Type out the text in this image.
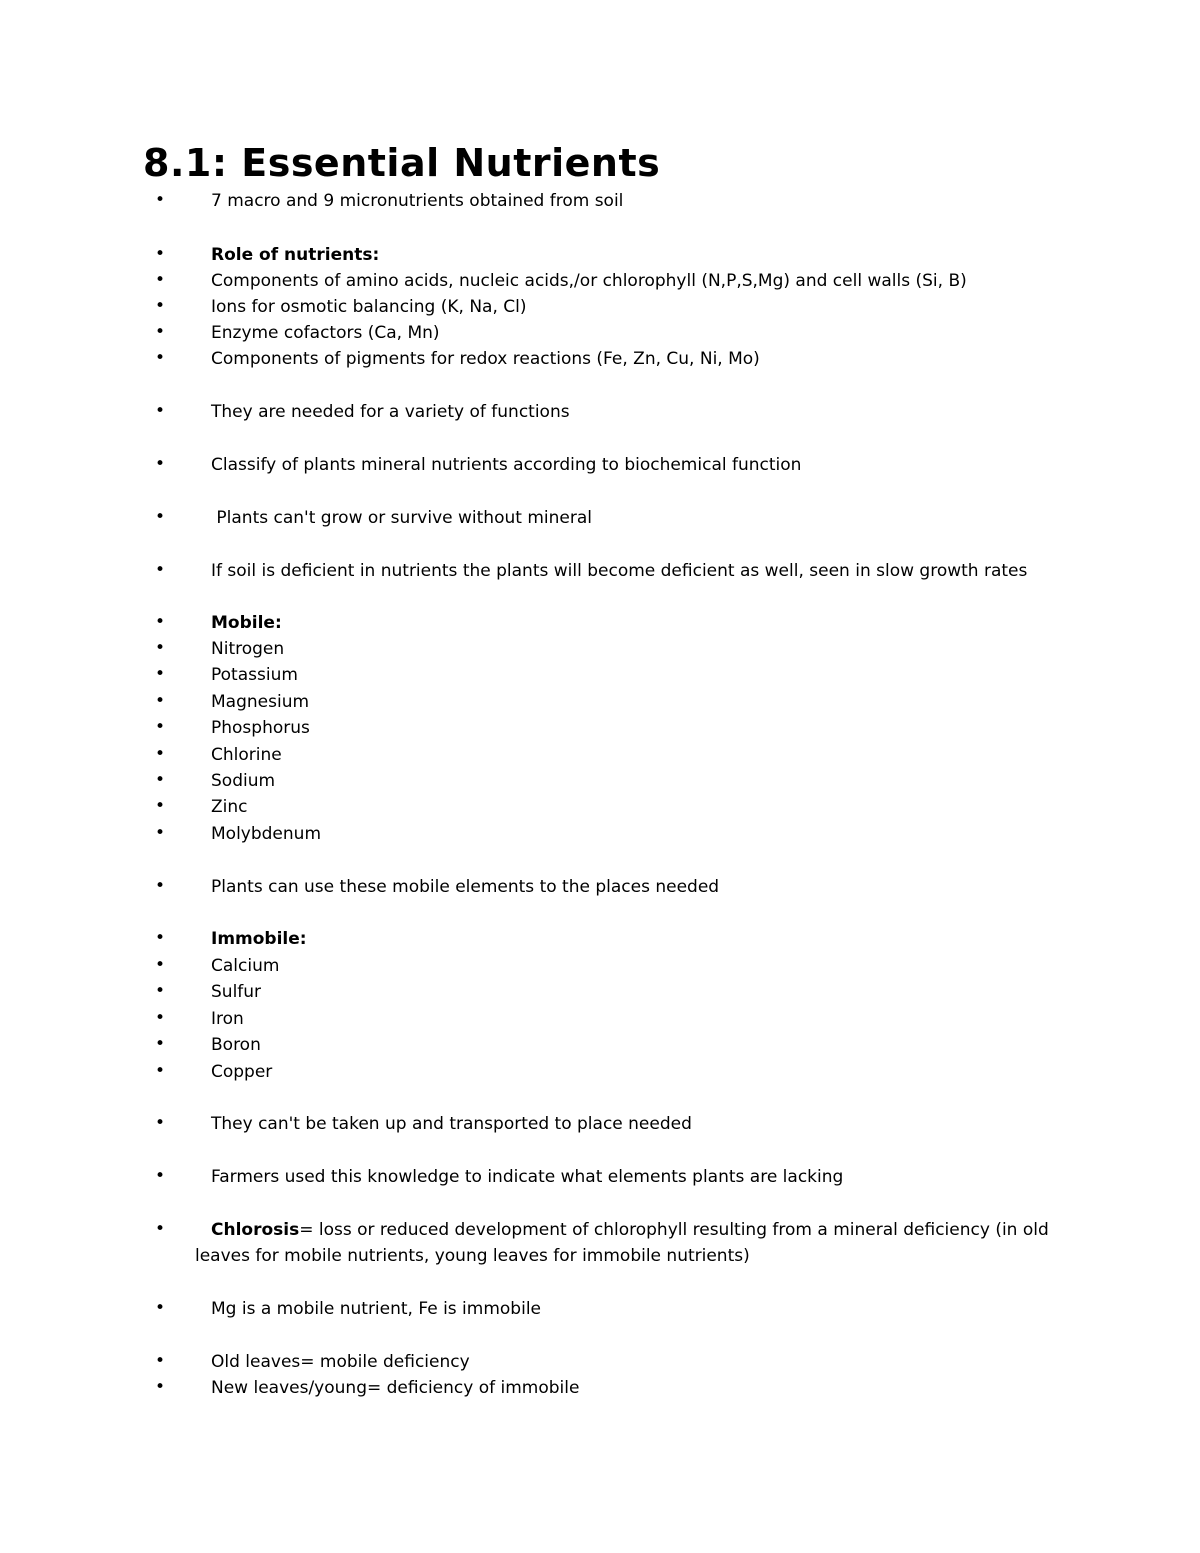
8.1: Essential Nutrients
•	7 macro and 9 micronutrients obtained from soil
•	Role of nutrients:
•	Components of amino acids, nucleic acids,/or chlorophyll (N,P,S,Mg) and cell walls (Si, B)
•	Ions for osmotic balancing (K, Na, Cl)
•	Enzyme cofactors (Ca, Mn)
•	Components of pigments for redox reactions (Fe, Zn, Cu, Ni, Mo)
•	They are needed for a variety of functions
•	Classify of plants mineral nutrients according to biochemical function
•	Plants can't grow or survive without mineral
•	If soil is deficient in nutrients the plants will become deficient as well, seen in slow growth rates
•	Mobile:
•	Nitrogen
•	Potassium
•	Magnesium
•	Phosphorus
•	Chlorine
•	Sodium
•	Zinc
•	Molybdenum
•	Plants can use these mobile elements to the places needed
•	Immobile:
•	Calcium
•	Sulfur
•	Iron
•	Boron
•	Copper
•	They can't be taken up and transported to place needed
•	Farmers used this knowledge to indicate what elements plants are lacking
•	Chlorosis= loss or reduced development of chlorophyll resulting from a mineral deficiency (in old
leaves for mobile nutrients, young leaves for immobile nutrients)
•	Mg is a mobile nutrient, Fe is immobile
•	Old leaves= mobile deficiency
•	New leaves/young= deficiency of immobile
